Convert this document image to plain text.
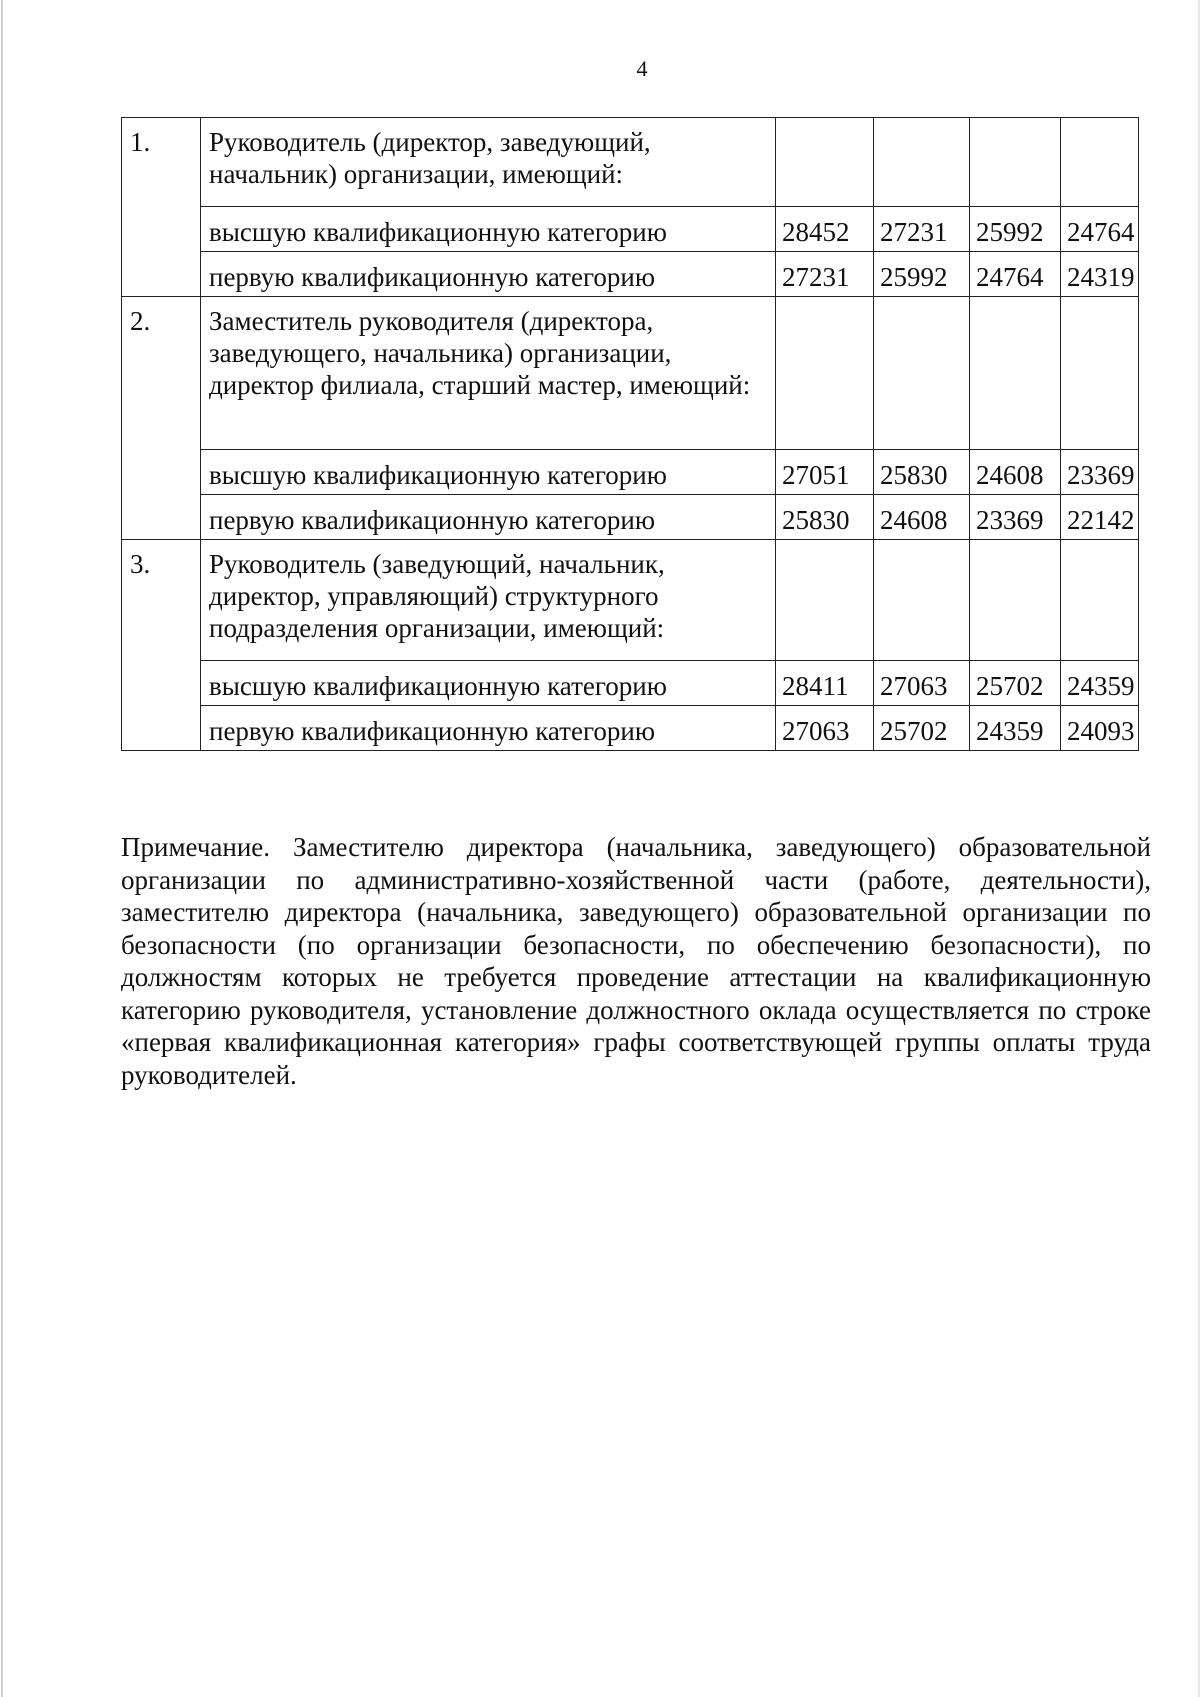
4
1.	Руководитель (директор, заведующий, начальник) организации, имеющий:				
	высшую квалификационную категорию	28452	27231	25992	24764
	первую квалификационную категорию	27231	25992	24764	24319
2.	Заместитель руководителя (директора, заведующего, начальника) организации, директор филиала, старший мастер, имеющий:				
	высшую квалификационную категорию	27051	25830	24608	23369
	первую квалификационную категорию	25830	24608	23369	22142
3.	Руководитель (заведующий, начальник, директор, управляющий) структурного подразделения организации, имеющий:				
	высшую квалификационную категорию	28411	27063	25702	24359
	первую квалификационную категорию	27063	25702	24359	24093
Примечание. Заместителю директора (начальника, заведующего) образовательной организации по административно-хозяйственной части (работе, деятельности), заместителю директора (начальника, заведующего) образовательной организации по безопасности (по организации безопасности, по обеспечению безопасности), по должностям которых не требуется проведение аттестации на квалификационную категорию руководителя, установление должностного оклада осуществляется по строке «первая квалификационная категория» графы соответствующей группы оплаты труда руководителей.
